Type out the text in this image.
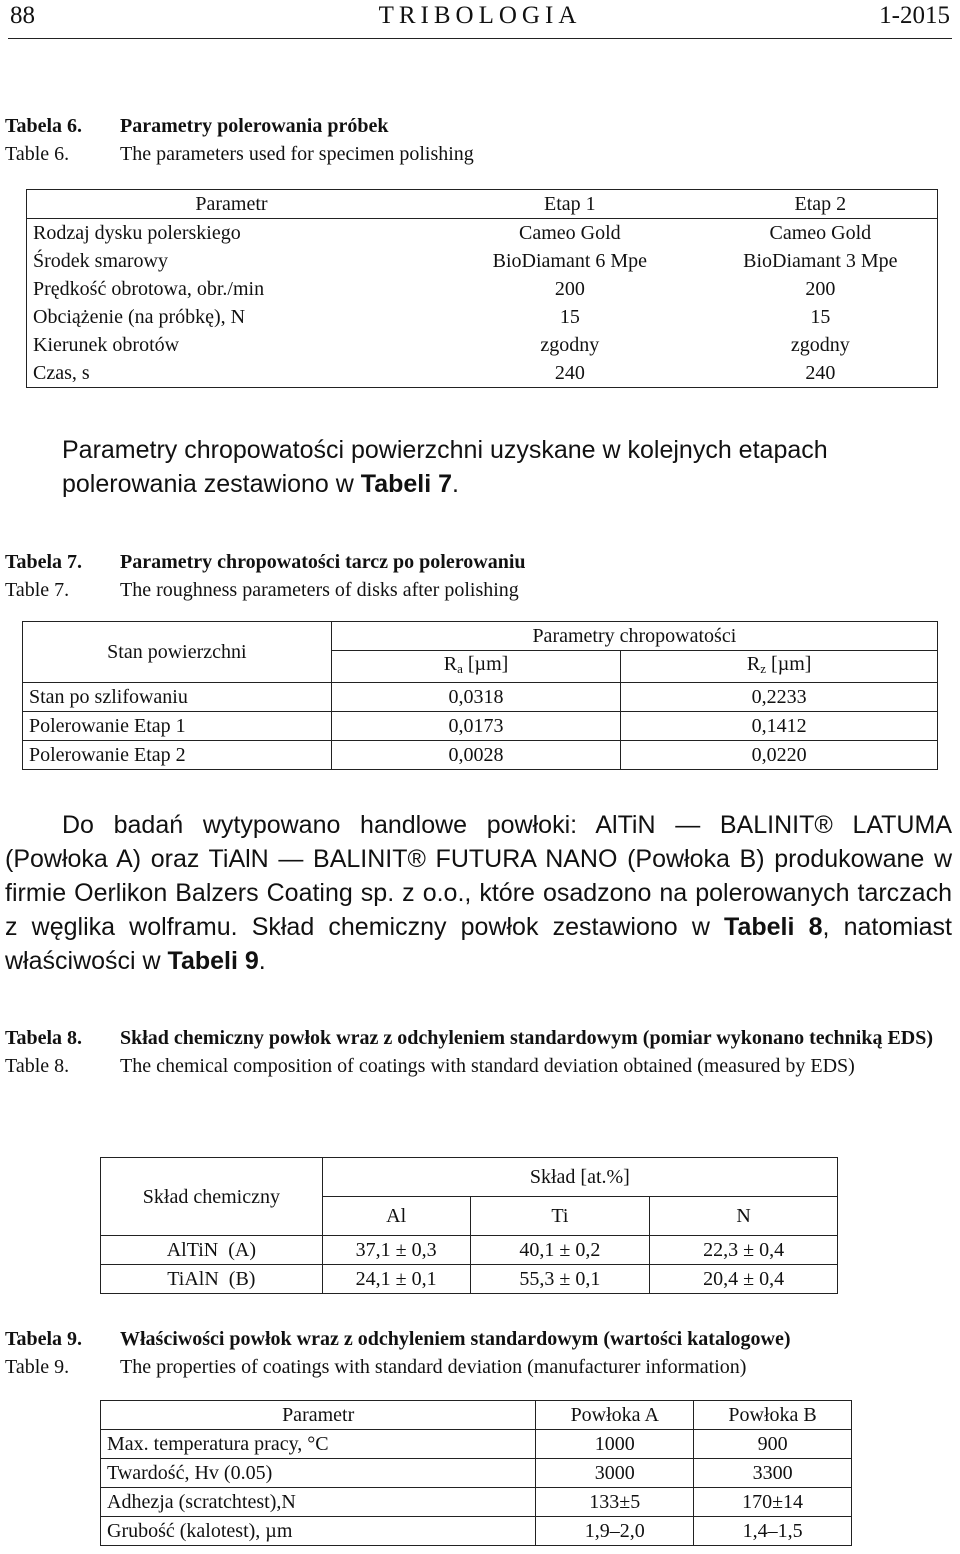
88	TRIBOLOGIA	1-2015
Tabela 6.	Parametry polerowania próbek
Table 6.	The parameters used for specimen polishing
Parametr	Etap 1	Etap 2
Rodzaj dysku polerskiego	Cameo Gold	Cameo Gold
Środek smarowy	BioDiamant 6 Mpe	BioDiamant 3 Mpe
Prędkość obrotowa, obr./min	200	200
Obciążenie (na próbkę), N	15	15
Kierunek obrotów	zgodny	zgodny
Czas, s	240	240
Parametry chropowatości powierzchni uzyskane w kolejnych etapach polerowania zestawiono w Tabeli 7.
Tabela 7.	Parametry chropowatości tarcz po polerowaniu
Table 7.	The roughness parameters of disks after polishing
Stan powierzchni	Parametry chropowatości	
	$R_a$ [µm]	$R_z$ [µm]
Stan po szlifowaniu	0,0318	0,2233
Polerowanie Etap 1	0,0173	0,1412
Polerowanie Etap 2	0,0028	0,0220
Do badań wytypowano handlowe powłoki: AlTiN — BALINIT® LATUMA (Powłoka A) oraz TiAlN — BALINIT® FUTURA NANO (Powłoka B) produkowane w firmie Oerlikon Balzers Coating sp. z o.o., które osadzono na polerowanych tarczach z węglika wolframu. Skład chemiczny powłok zestawiono w Tabeli 8, natomiast właściwości w Tabeli 9.
Tabela 8.	Skład chemiczny powłok wraz z odchyleniem standardowym (pomiar wykonano techniką EDS)
Table 8.	The chemical composition of coatings with standard deviation obtained (measured by EDS)
Skład chemiczny	Skład [at.%]		
	Al	Ti	N
AlTiN  (A)	37,1 ± 0,3	40,1 ± 0,2	22,3 ± 0,4
TiAlN  (B)	24,1 ± 0,1	55,3 ± 0,1	20,4 ± 0,4
Tabela 9.	Właściwości powłok wraz z odchyleniem standardowym (wartości katalogowe)
Table 9.	The properties of coatings with standard deviation (manufacturer information)
Parametr	Powłoka A	Powłoka B
Max. temperatura pracy, °C	1000	900
Twardość, Hv (0.05)	3000	3300
Adhezja (scratchtest),N	133±5	170±14
Grubość (kalotest), µm	1,9–2,0	1,4–1,5
